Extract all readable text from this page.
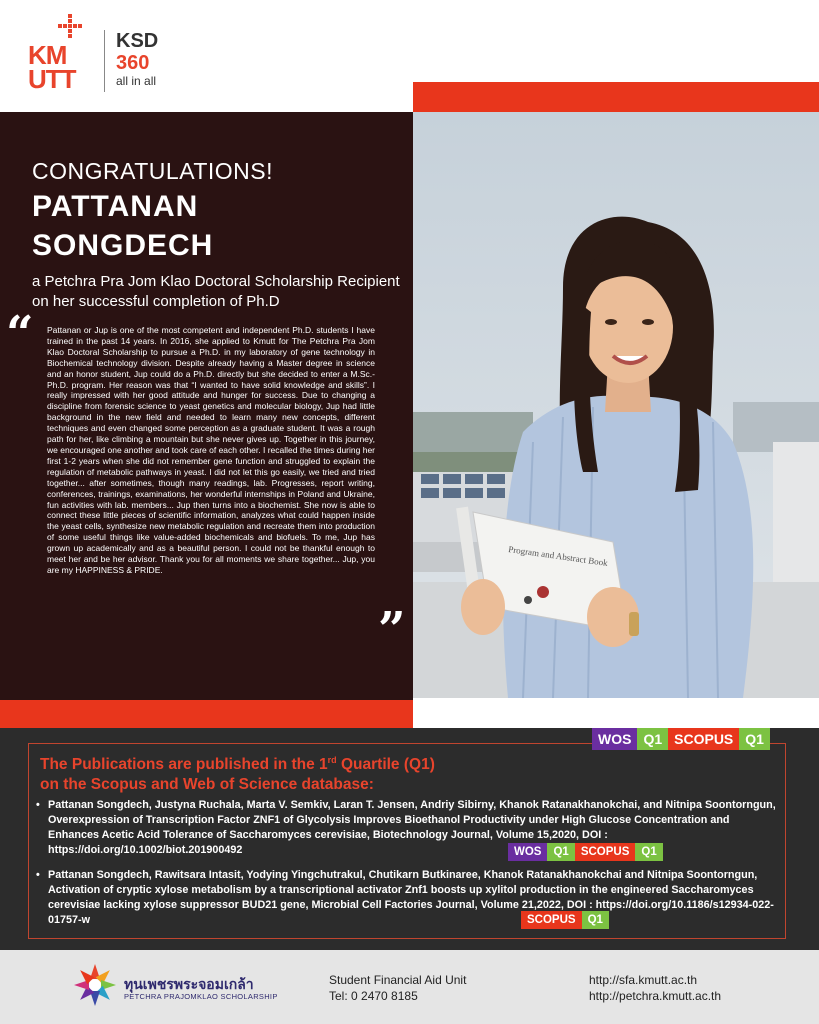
KM
UTT
KSD
360
all in all
CONGRATULATIONS!
PATTANAN
SONGDECH
a Petchra Pra Jom Klao Doctoral Scholarship Recipient on her successful completion of Ph.D
“ Pattanan or Jup is one of the most competent and independent Ph.D. students I have trained in the past 14 years. In 2016, she applied to Kmutt for The Petchra Pra Jom Klao Doctoral Scholarship to pursue a Ph.D. in my laboratory of gene technology in Biochemical technology division. Despite already having a Master degree in science and an honor student, Jup could do a Ph.D. directly but she decided to enter a M.Sc.-Ph.D. program. Her reason was that “I wanted to have solid knowledge and skills”. I really impressed with her good attitude and hunger for success. Due to changing a discipline from forensic science to yeast genetics and molecular biology, Jup had little background in the new field and needed to learn many new concepts, different techniques and even changed some perception as a graduate student. It was a rough path for her, like climbing a mountain but she never gives up. Together in this journey, we encouraged one another and took care of each other. I recalled the times during her first 1-2 years when she did not remember gene function and struggled to explain the regulation of metabolic pathways in yeast. I did not let this go easily, we tried and tried together... after sometimes, though many readings, lab. Progresses, report writing, conferences, trainings, examinations, her wonderful internships in Poland and Ukraine, fun activities with lab. members... Jup then turns into a biochemist. She now is able to connect these little pieces of scientific information, analyzes what could happen inside the yeast cells, synthesize new metabolic regulation and recreate them into production of some useful things like value-added biochemicals and biofuels. To me, Jup has grown up academically and as a beautiful person. I could not be thankful enough to meet her and be her advisor. Thank you for all moments we share together... Jup, you are my HAPPINESS & PRIDE.
”
Program and Abstract Book
WOS Q1 SCOPUS Q1
The Publications are published in the 1rd Quartile (Q1)
on the Scopus and Web of Science database:
• Pattanan Songdech, Justyna Ruchala, Marta V. Semkiv, Laran T. Jensen, Andriy Sibirny, Khanok Ratanakhanokchai, and Nitnipa Soontorngun, Overexpression of Transcription Factor ZNF1 of Glycolysis Improves Bioethanol Productivity under High Glucose Concentration and Enhances Acetic Acid Tolerance of Saccharomyces cerevisiae, Biotechnology Journal, Volume 15,2020, DOI : https://doi.org/10.1002/biot.201900492	WOS	Q1	SCOPUS	Q1
• Pattanan Songdech, Rawitsara Intasit, Yodying Yingchutrakul, Chutikarn Butkinaree, Khanok Ratanakhanokchai and Nitnipa Soontorngun, Activation of cryptic xylose metabolism by a transcriptional activator Znf1 boosts up xylitol production in the engineered Saccharomyces cerevisiae lacking xylose suppressor BUD21 gene, Microbial Cell Factories Journal, Volume 21,2022, DOI : https://doi.org/10.1186/s12934-022-01757-w	SCOPUS	Q1
ทุนเพชรพระจอมเกล้า
PETCHRA PRAJOMKLAO SCHOLARSHIP
Student Financial Aid Unit
Tel: 0 2470 8185
http://sfa.kmutt.ac.th
http://petchra.kmutt.ac.th
